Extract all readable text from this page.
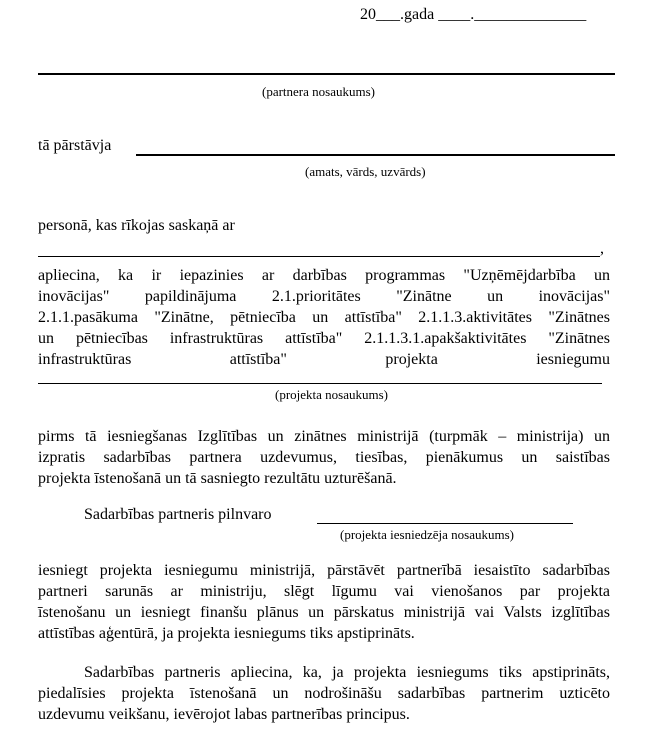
20___.gada ____.______________
(partnera nosaukums)
tā pārstāvja
(amats, vārds, uzvārds)
personā, kas rīkojas saskaņā ar
,
apliecina, ka ir iepazinies ar darbības programmas "Uzņēmējdarbība un
inovācijas" papildinājuma 2.1.prioritātes "Zinātne un inovācijas"
2.1.1.pasākuma "Zinātne, pētniecība un attīstība" 2.1.1.3.aktivitātes "Zinātnes
un pētniecības infrastruktūras attīstība" 2.1.1.3.1.apakšaktivitātes "Zinātnes
infrastruktūras attīstība" projekta iesniegumu
(projekta nosaukums)
pirms tā iesniegšanas Izglītības un zinātnes ministrijā (turpmāk – ministrija) un
izpratis sadarbības partnera uzdevumus, tiesības, pienākumus un saistības
projekta īstenošanā un tā sasniegto rezultātu uzturēšanā.
Sadarbības partneris pilnvaro
(projekta iesniedzēja nosaukums)
iesniegt projekta iesniegumu ministrijā, pārstāvēt partnerībā iesaistīto sadarbības
partneri sarunās ar ministriju, slēgt līgumu vai vienošanos par projekta
īstenošanu un iesniegt finanšu plānus un pārskatus ministrijā vai Valsts izglītības
attīstības aģentūrā, ja projekta iesniegums tiks apstiprināts.
Sadarbības partneris apliecina, ka, ja projekta iesniegums tiks apstiprināts,
piedalīsies projekta īstenošanā un nodrošināšu sadarbības partnerim uzticēto
uzdevumu veikšanu, ievērojot labas partnerības principus.
